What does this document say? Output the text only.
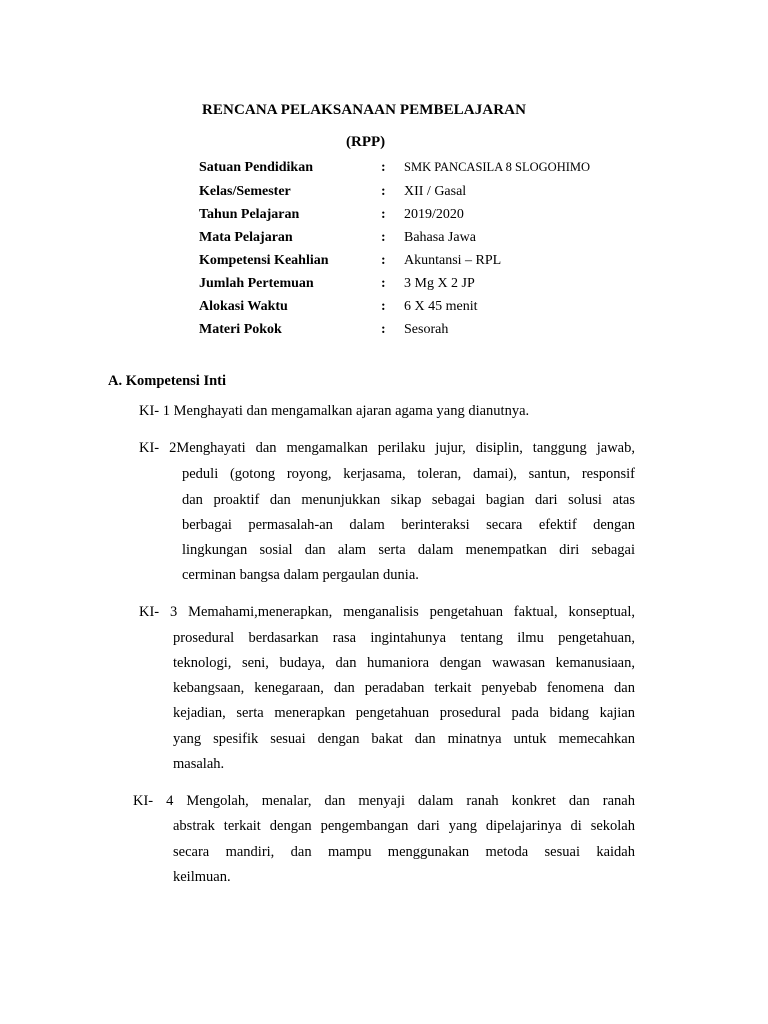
RENCANA PELAKSANAAN PEMBELAJARAN
(RPP)
Satuan Pendidikan	: SMK PANCASILA 8 SLOGOHIMO
Kelas/Semester	: XII / Gasal
Tahun Pelajaran	: 2019/2020
Mata Pelajaran	: Bahasa Jawa
Kompetensi Keahlian	: Akuntansi – RPL
Jumlah Pertemuan	: 3 Mg X 2 JP
Alokasi Waktu	: 6 X 45 menit
Materi Pokok	: Sesorah
A. Kompetensi Inti
KI- 1 Menghayati dan mengamalkan ajaran agama yang dianutnya.
KI- 2Menghayati dan mengamalkan perilaku jujur, disiplin, tanggung jawab,
peduli (gotong royong, kerjasama, toleran, damai), santun, responsif
dan proaktif dan menunjukkan sikap sebagai bagian dari solusi atas
berbagai permasalah-an dalam berinteraksi secara efektif dengan
lingkungan sosial dan alam serta dalam menempatkan diri sebagai
cerminan bangsa dalam pergaulan dunia.
KI- 3 Memahami,menerapkan, menganalisis pengetahuan faktual, konseptual,
prosedural berdasarkan rasa ingintahunya tentang ilmu pengetahuan,
teknologi, seni, budaya, dan humaniora dengan wawasan kemanusiaan,
kebangsaan, kenegaraan, dan peradaban terkait penyebab fenomena dan
kejadian, serta menerapkan pengetahuan prosedural pada bidang kajian
yang spesifik sesuai dengan bakat dan minatnya untuk memecahkan
masalah.
KI- 4 Mengolah, menalar, dan menyaji dalam ranah konkret dan ranah
abstrak terkait dengan pengembangan dari yang dipelajarinya di sekolah
secara mandiri, dan mampu menggunakan metoda sesuai kaidah
keilmuan.
